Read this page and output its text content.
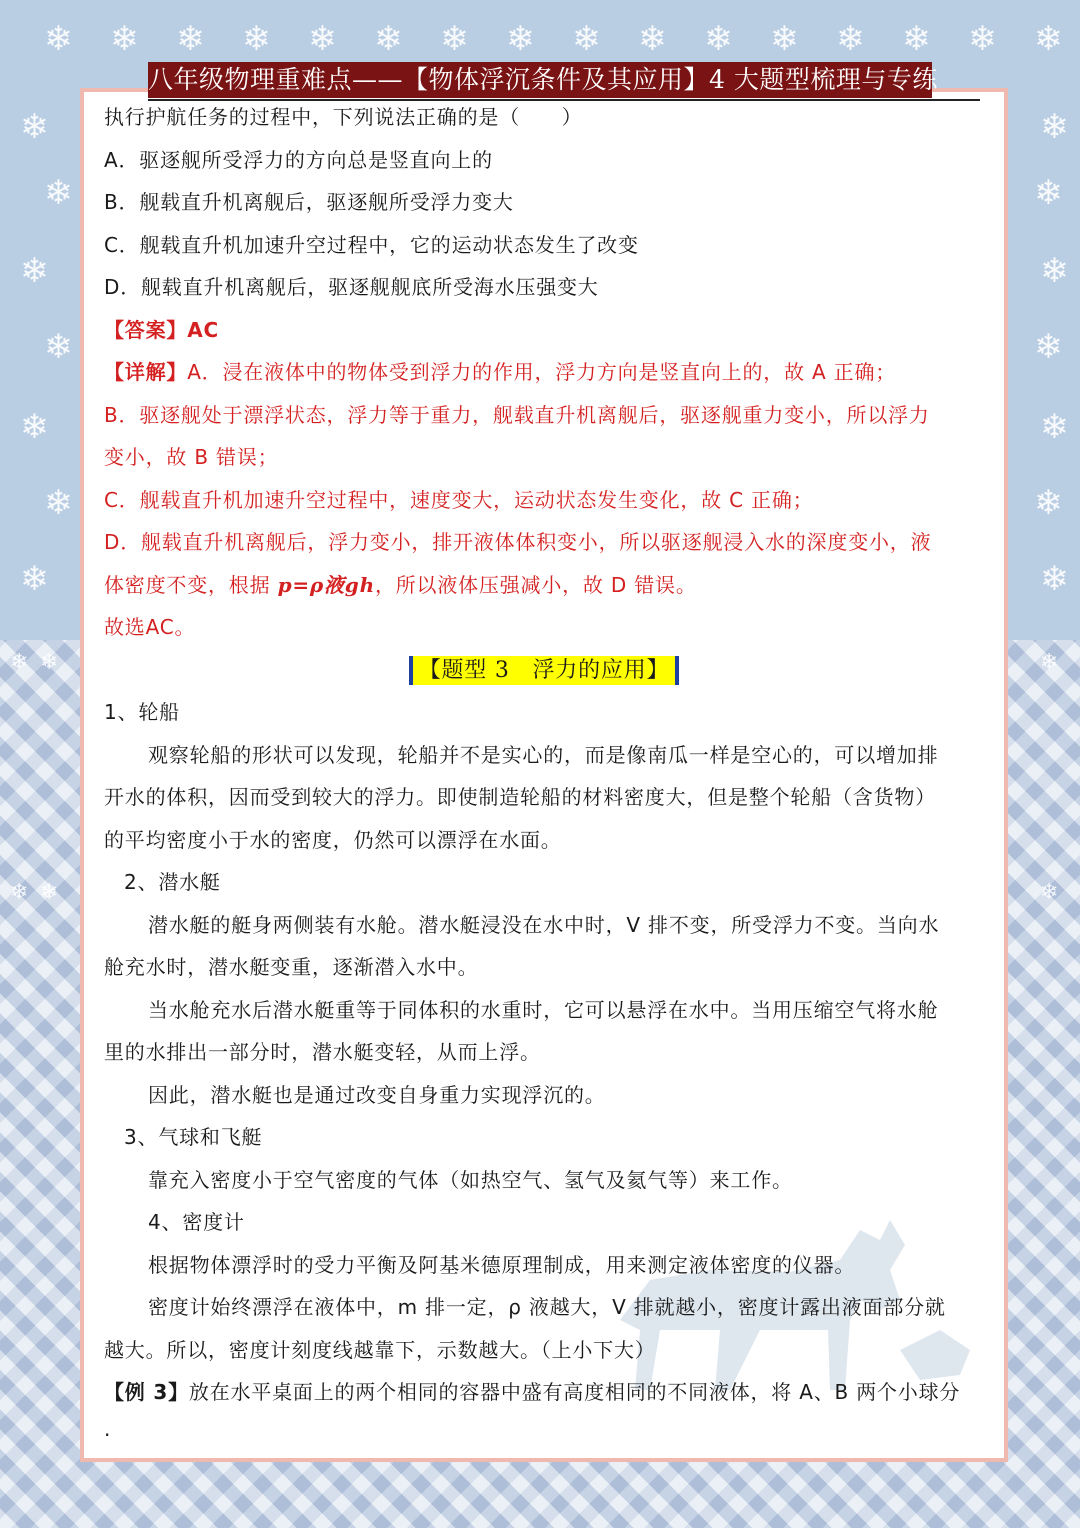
❄ ❄ ❄ ❄ ❄ ❄ ❄ ❄ ❄ ❄ ❄ ❄ ❄ ❄ ❄ ❄
❄	❄
❄	❄
❄	❄
❄	❄
❄	❄
❄	❄
❄	❄
❄ ❄	❄
❄ ❄	❄
八年级物理重难点——【物体浮沉条件及其应用】4 大题型梳理与专练

执行护航任务的过程中，下列说法正确的是（　　）

A．驱逐舰所受浮力的方向总是竖直向上的

B．舰载直升机离舰后，驱逐舰所受浮力变大

C．舰载直升机加速升空过程中，它的运动状态发生了改变

D．舰载直升机离舰后，驱逐舰舰底所受海水压强变大

【答案】AC

【详解】A．浸在液体中的物体受到浮力的作用，浮力方向是竖直向上的，故 A 正确；

B．驱逐舰处于漂浮状态，浮力等于重力，舰载直升机离舰后，驱逐舰重力变小，所以浮力

变小，故 B 错误；

C．舰载直升机加速升空过程中，速度变大，运动状态发生变化，故 C 正确；

D．舰载直升机离舰后，浮力变小，排开液体体积变小，所以驱逐舰浸入水的深度变小，液

体密度不变，根据 p=ρ液gh，所以液体压强减小，故 D 错误。

故选AC。

【题型 3　浮力的应用】

1、轮船

观察轮船的形状可以发现，轮船并不是实心的，而是像南瓜一样是空心的，可以增加排

开水的体积，因而受到较大的浮力。即使制造轮船的材料密度大，但是整个轮船（含货物）

的平均密度小于水的密度，仍然可以漂浮在水面。

2、潜水艇

潜水艇的艇身两侧装有水舱。潜水艇浸没在水中时，V 排不变，所受浮力不变。当向水

舱充水时，潜水艇变重，逐渐潜入水中。

当水舱充水后潜水艇重等于同体积的水重时，它可以悬浮在水中。当用压缩空气将水舱

里的水排出一部分时，潜水艇变轻，从而上浮。

因此，潜水艇也是通过改变自身重力实现浮沉的。

3、气球和飞艇

靠充入密度小于空气密度的气体（如热空气、氢气及氦气等）来工作。

4、密度计

根据物体漂浮时的受力平衡及阿基米德原理制成，用来测定液体密度的仪器。

密度计始终漂浮在液体中，m 排一定，ρ 液越大，V 排就越小，密度计露出液面部分就

越大。所以，密度计刻度线越靠下，示数越大。（上小下大）

【例 3】放在水平桌面上的两个相同的容器中盛有高度相同的不同液体，将 A、B 两个小球分

·
